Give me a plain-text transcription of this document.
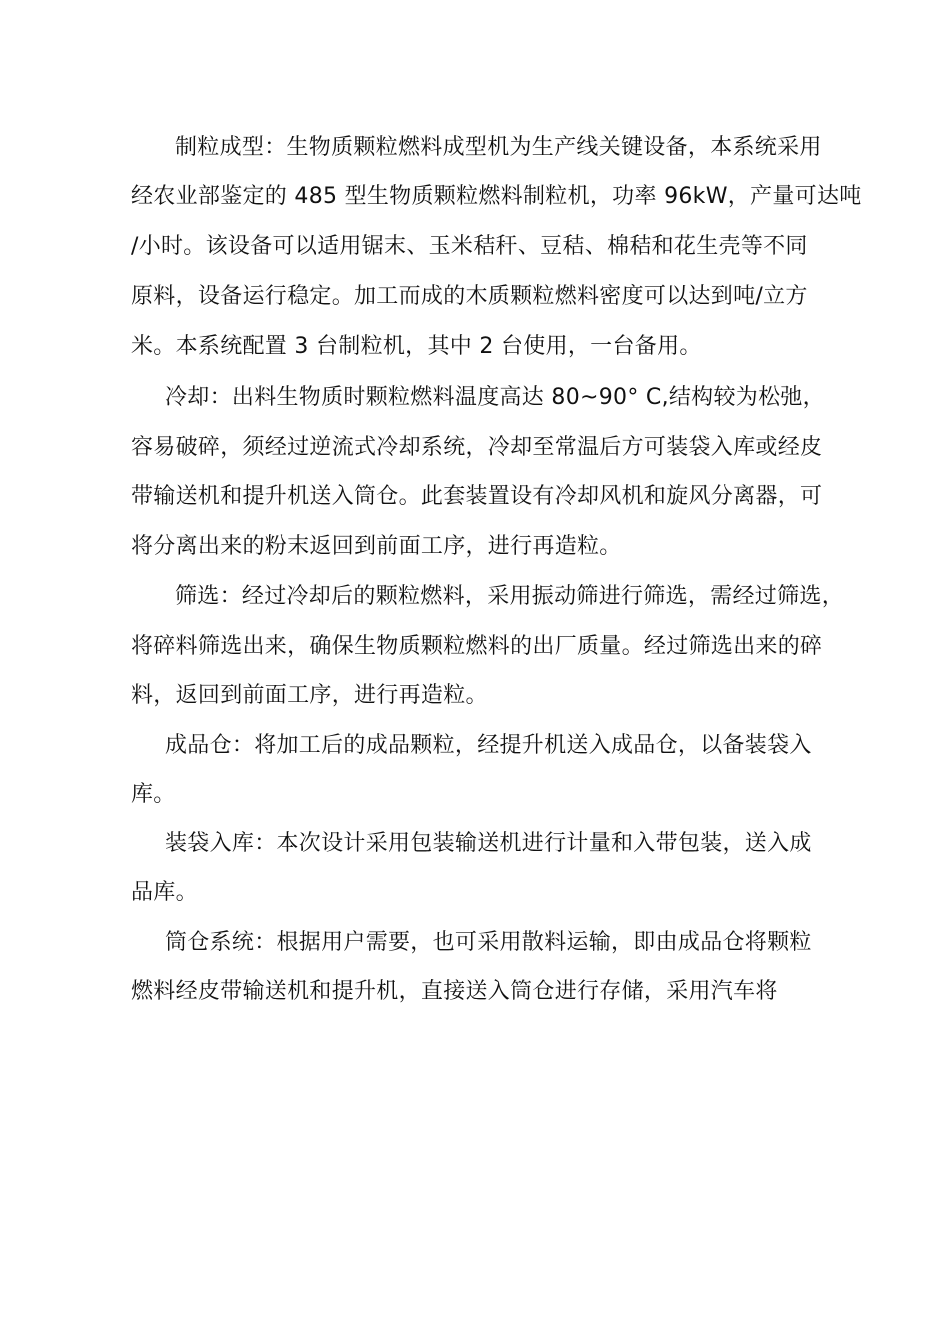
制粒成型：生物质颗粒燃料成型机为生产线关键设备，本系统采用
经农业部鉴定的 485 型生物质颗粒燃料制粒机，功率 96kW，产量可达吨
/小时。该设备可以适用锯末、玉米秸秆、豆秸、棉秸和花生壳等不同
原料，设备运行稳定。加工而成的木质颗粒燃料密度可以达到吨/立方
米。本系统配置 3 台制粒机，其中 2 台使用，一台备用。
冷却：出料生物质时颗粒燃料温度高达 80~90° C,结构较为松弛，
容易破碎，须经过逆流式冷却系统，冷却至常温后方可装袋入库或经皮
带输送机和提升机送入筒仓。此套装置设有冷却风机和旋风分离器，可
将分离出来的粉末返回到前面工序，进行再造粒。
筛选：经过冷却后的颗粒燃料，采用振动筛进行筛选，需经过筛选，
将碎料筛选出来，确保生物质颗粒燃料的出厂质量。经过筛选出来的碎
料，返回到前面工序，进行再造粒。
成品仓：将加工后的成品颗粒，经提升机送入成品仓，以备装袋入
库。
装袋入库：本次设计采用包装输送机进行计量和入带包装，送入成
品库。
筒仓系统：根据用户需要，也可采用散料运输，即由成品仓将颗粒
燃料经皮带输送机和提升机，直接送入筒仓进行存储，采用汽车将
